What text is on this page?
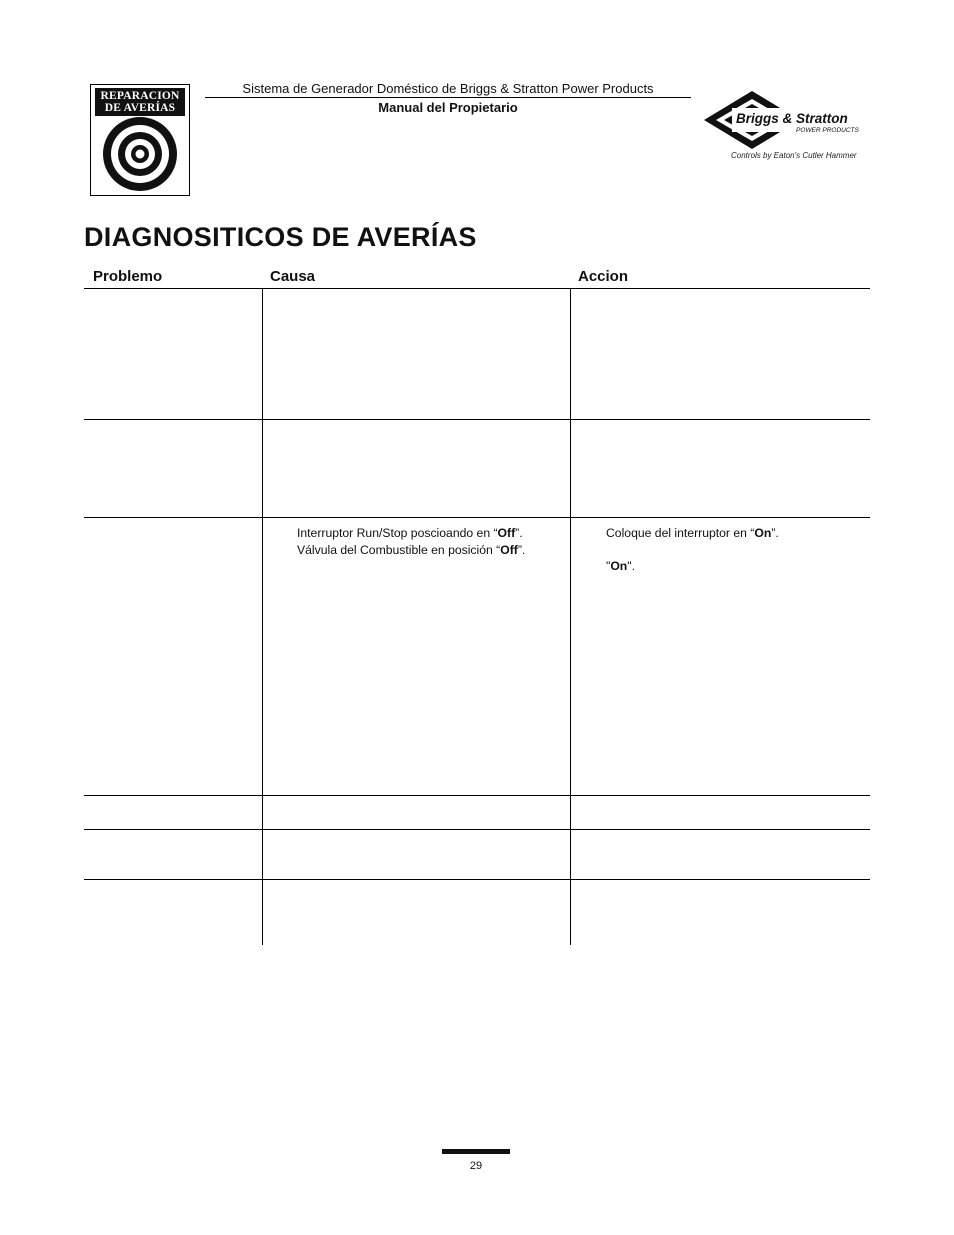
REPARACION
DE AVERÍAS
Sistema de Generador Doméstico de Briggs & Stratton Power Products
Manual del Propietario
Briggs & Stratton
POWER PRODUCTS
Controls by Eaton's Cutler Hammer
DIAGNOSITICOS DE AVERÍAS
Problemo	Causa	Accion
Interruptor Run/Stop poscioando en “Off”.
Válvula del Combustible en posición “Off”.
Coloque del interruptor en “On”.
"On".
29
